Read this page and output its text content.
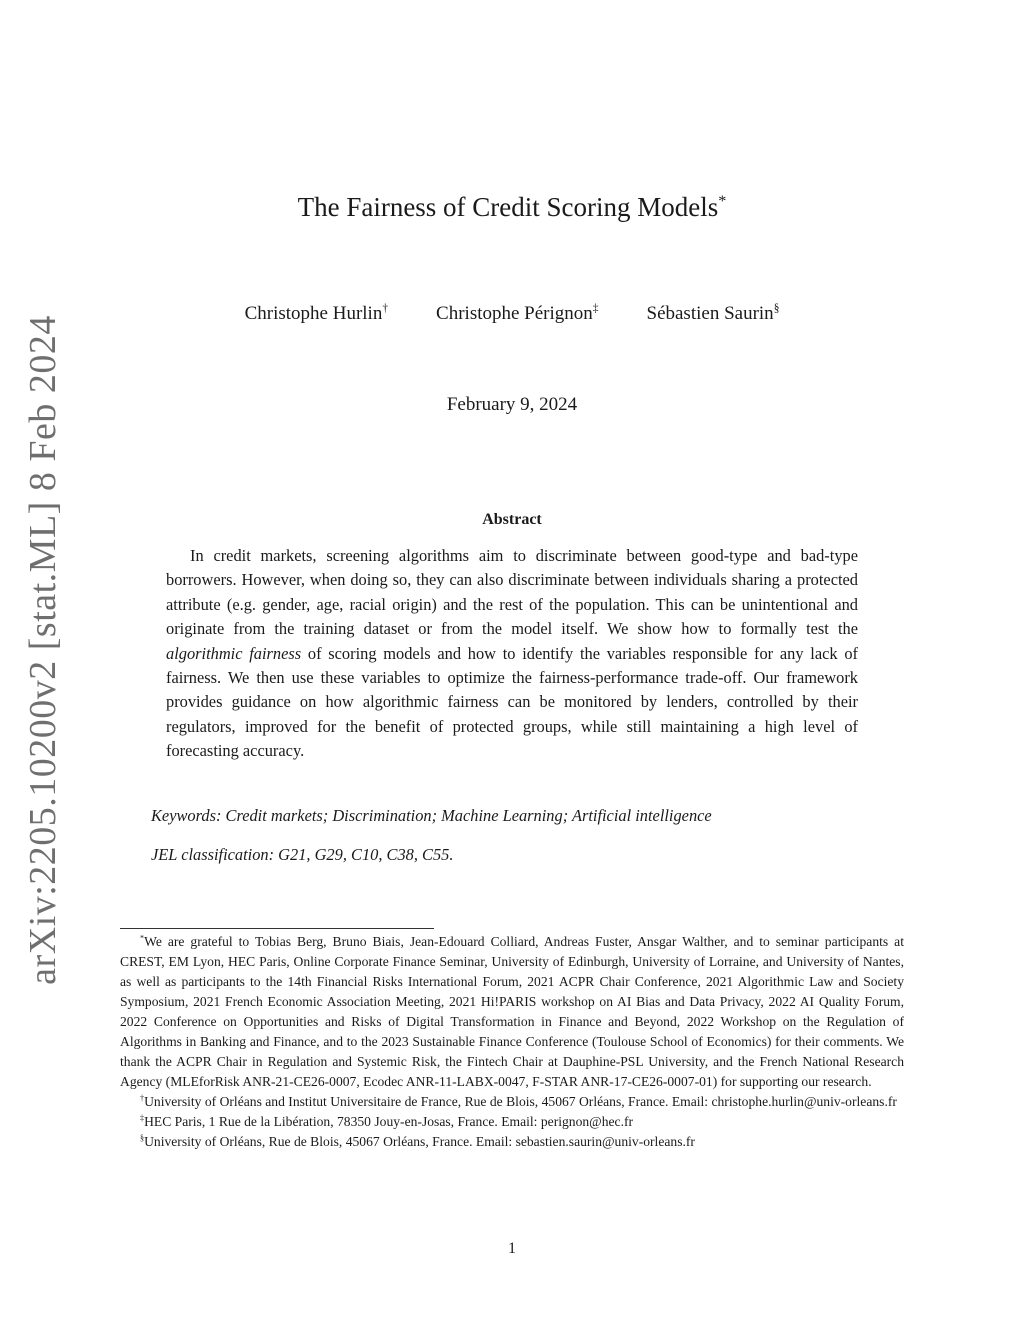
arXiv:2205.10200v2 [stat.ML] 8 Feb 2024
The Fairness of Credit Scoring Models*
Christophe Hurlin†	Christophe Pérignon‡	Sébastien Saurin§
February 9, 2024
Abstract
In credit markets, screening algorithms aim to discriminate between good-type and bad-type borrowers. However, when doing so, they can also discriminate between individuals sharing a protected attribute (e.g. gender, age, racial origin) and the rest of the population. This can be unintentional and originate from the training dataset or from the model itself. We show how to formally test the algorithmic fairness of scoring models and how to identify the variables responsible for any lack of fairness. We then use these variables to optimize the fairness-performance trade-off. Our framework provides guidance on how algorithmic fairness can be monitored by lenders, controlled by their regulators, improved for the benefit of protected groups, while still maintaining a high level of forecasting accuracy.
Keywords: Credit markets; Discrimination; Machine Learning; Artificial intelligence
JEL classification: G21, G29, C10, C38, C55.

*We are grateful to Tobias Berg, Bruno Biais, Jean-Edouard Colliard, Andreas Fuster, Ansgar Walther, and to seminar participants at CREST, EM Lyon, HEC Paris, Online Corporate Finance Seminar, University of Edinburgh, University of Lorraine, and University of Nantes, as well as participants to the 14th Financial Risks International Forum, 2021 ACPR Chair Conference, 2021 Algorithmic Law and Society Symposium, 2021 French Economic Association Meeting, 2021 Hi!PARIS workshop on AI Bias and Data Privacy, 2022 AI Quality Forum, 2022 Conference on Opportunities and Risks of Digital Transformation in Finance and Beyond, 2022 Workshop on the Regulation of Algorithms in Banking and Finance, and to the 2023 Sustainable Finance Conference (Toulouse School of Economics) for their comments. We thank the ACPR Chair in Regulation and Systemic Risk, the Fintech Chair at Dauphine-PSL University, and the French National Research Agency (MLEforRisk ANR-21-CE26-0007, Ecodec ANR-11-LABX-0047, F-STAR ANR-17-CE26-0007-01) for supporting our research.

†University of Orléans and Institut Universitaire de France, Rue de Blois, 45067 Orléans, France. Email: christophe.hurlin@univ-orleans.fr

‡HEC Paris, 1 Rue de la Libération, 78350 Jouy-en-Josas, France. Email: perignon@hec.fr

§University of Orléans, Rue de Blois, 45067 Orléans, France. Email: sebastien.saurin@univ-orleans.fr

1
